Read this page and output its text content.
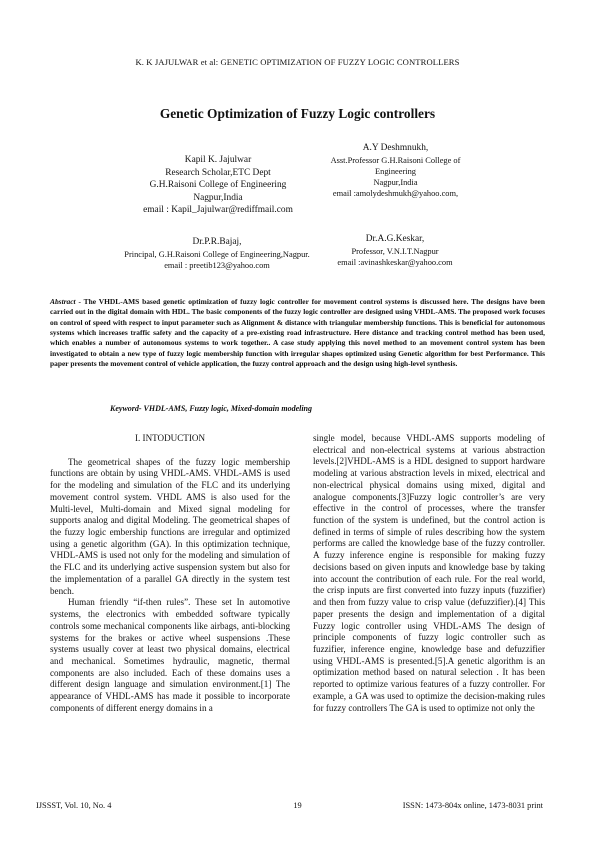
K. K JAJULWAR et al: GENETIC OPTIMIZATION OF FUZZY LOGIC CONTROLLERS
Genetic Optimization of Fuzzy Logic controllers
Kapil K. Jajulwar
Research Scholar,ETC Dept
G.H.Raisoni College of Engineering
Nagpur,India
email : Kapil_Jajulwar@rediffmail.com
A.Y Deshmnukh,
Asst.Professor G.H.Raisoni College of Engineering
Nagpur,India
email :amolydeshmukh@yahoo.com,
Dr.P.R.Bajaj,
Principal, G.H.Raisoni College of Engineering,Nagpur.
email : preetib123@yahoo.com
Dr.A.G.Keskar,
Professor, V.N.I.T.Nagpur
email :avinashkeskar@yahoo.com
Abstract - The VHDL-AMS based genetic optimization of fuzzy logic controller for movement control systems is discussed here. The designs have been carried out in the digital domain with HDL. The basic components of the fuzzy logic controller are designed using VHDL-AMS. The proposed work focuses on control of speed with respect to input parameter such as Alignment & distance with triangular membership functions. This is beneficial for autonomous systems which increases traffic safety and the capacity of a pre-existing road infrastructure. Here distance and tracking control method has been used, which enables a number of autonomous systems to work together.. A case study applying this novel method to an movement control system has been investigated to obtain a new type of fuzzy logic membership function with irregular shapes optimized using Genetic algorithm for best Performance. This paper presents the movement control of vehicle application, the fuzzy control approach and the design using high-level synthesis.
Keyword- VHDL-AMS, Fuzzy logic, Mixed-domain modeling

I. INTODUCTION

The geometrical shapes of the fuzzy logic membership functions are obtain by using VHDL-AMS. VHDL-AMS is used for the modeling and simulation of the FLC and its underlying movement control system. VHDL AMS is also used for the Multi-level, Multi-domain and Mixed signal modeling for supports analog and digital Modeling. The geometrical shapes of the fuzzy logic embership functions are irregular and optimized using a genetic algorithm (GA). In this optimization technique, VHDL-AMS is used not only for the modeling and simulation of the FLC and its underlying active suspension system but also for the implementation of a parallel GA directly in the system test bench.

Human friendly “if-then rules”. These set In automotive systems, the electronics with embedded software typically controls some mechanical components like airbags, anti-blocking systems for the brakes or active wheel suspensions .These systems usually cover at least two physical domains, electrical and mechanical. Sometimes hydraulic, magnetic, thermal components are also included. Each of these domains uses a different design language and simulation environment.[1] The appearance of VHDL-AMS has made it possible to incorporate components of different energy domains in a

single model, because VHDL-AMS supports modeling of electrical and non-electrical systems at various abstraction levels.[2]VHDL-AMS is a HDL designed to support hardware modeling at various abstraction levels in mixed, electrical and non-electrical physical domains using mixed, digital and analogue components.[3]Fuzzy logic controller’s are very effective in the control of processes, where the transfer function of the system is undefined, but the control action is defined in terms of simple of rules describing how the system performs are called the knowledge base of the fuzzy controller. A fuzzy inference engine is responsible for making fuzzy decisions based on given inputs and knowledge base by taking into account the contribution of each rule. For the real world, the crisp inputs are first converted into fuzzy inputs (fuzzifier) and then from fuzzy value to crisp value (defuzzifier).[4] This paper presents the design and implementation of a digital Fuzzy logic controller using VHDL-AMS The design of principle components of fuzzy logic controller such as fuzzifier, inference engine, knowledge base and defuzzifier using VHDL-AMS is presented.[5].A genetic algorithm is an optimization method based on natural selection . It has been reported to optimize various features of a fuzzy controller. For example, a GA was used to optimize the decision-making rules for fuzzy controllers The GA is used to optimize not only the

IJSSST, Vol. 10, No. 4	19	ISSN: 1473-804x online, 1473-8031 print
